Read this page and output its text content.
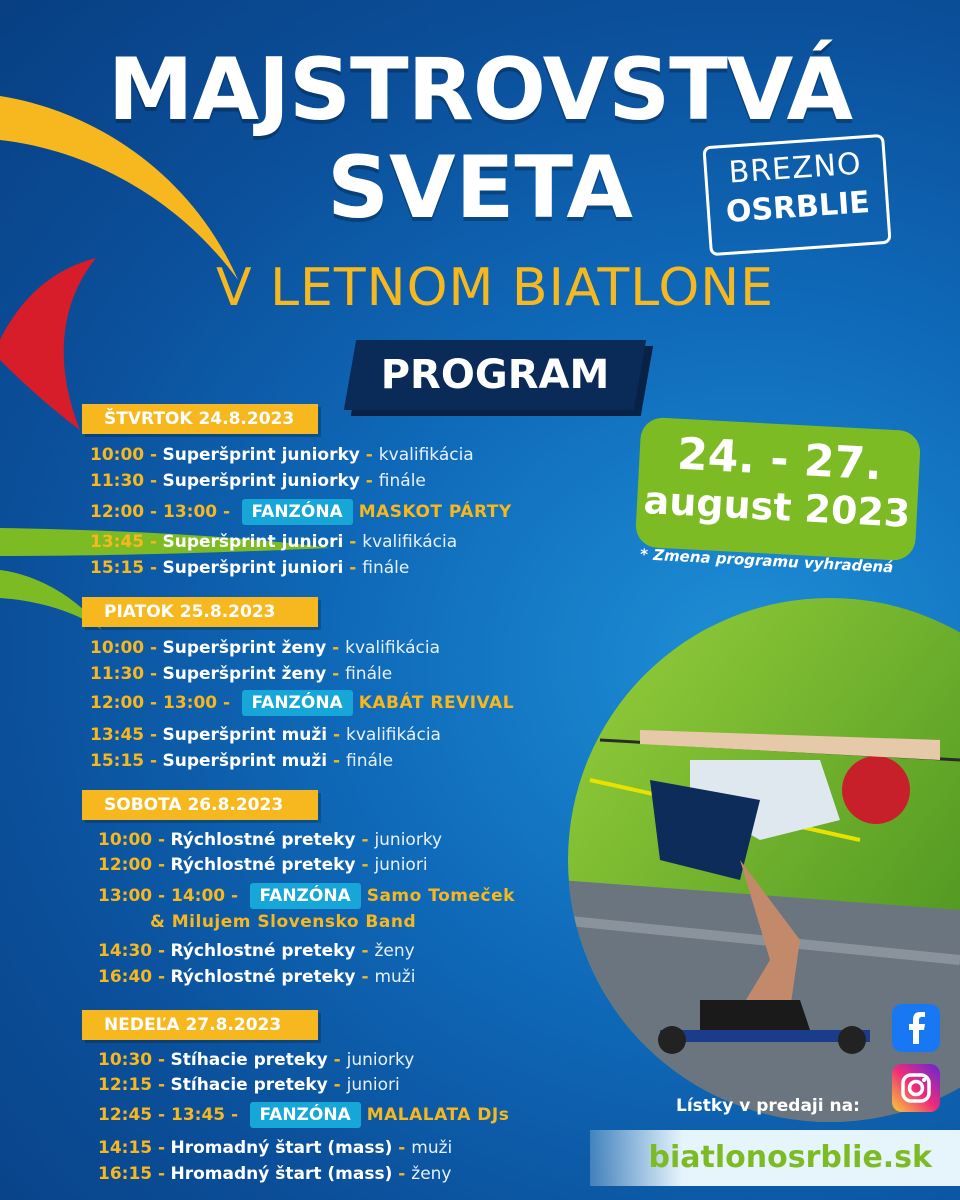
MAJSTROVSTVÁ
SVETA
V LETNOM BIATLONE
BREZNO
OSRBLIE
PROGRAM
24. - 27.
august 2023
* Zmena programu vyhradená
ŠTVRTOK 24.8.2023
10:00 - Superšprint juniorky - kvalifikácia
11:30 - Superšprint juniorky - finále
12:00 - 13:00 - FANZÓNA MASKOT PÁRTY
13:45 - Superšprint juniori - kvalifikácia
15:15 - Superšprint juniori - finále
PIATOK 25.8.2023
10:00 - Superšprint ženy - kvalifikácia
11:30 - Superšprint ženy - finále
12:00 - 13:00 - FANZÓNA KABÁT REVIVAL
13:45 - Superšprint muži - kvalifikácia
15:15 - Superšprint muži - finále
SOBOTA 26.8.2023
10:00 - Rýchlostné preteky - juniorky
12:00 - Rýchlostné preteky - juniori
& Milujem Slovensko Band
13:00 - 14:00 - FANZÓNA Samo Tomeček
14:30 - Rýchlostné preteky - ženy
16:40 - Rýchlostné preteky - muži
NEDEĽA 27.8.2023
10:30 - Stíhacie preteky - juniorky
12:15 - Stíhacie preteky - juniori
12:45 - 13:45 - FANZÓNA MALALATA DJs
14:15 - Hromadný štart (mass) - muži
16:15 - Hromadný štart (mass) - ženy
Lístky v predaji na:
biatlonosrblie.sk
